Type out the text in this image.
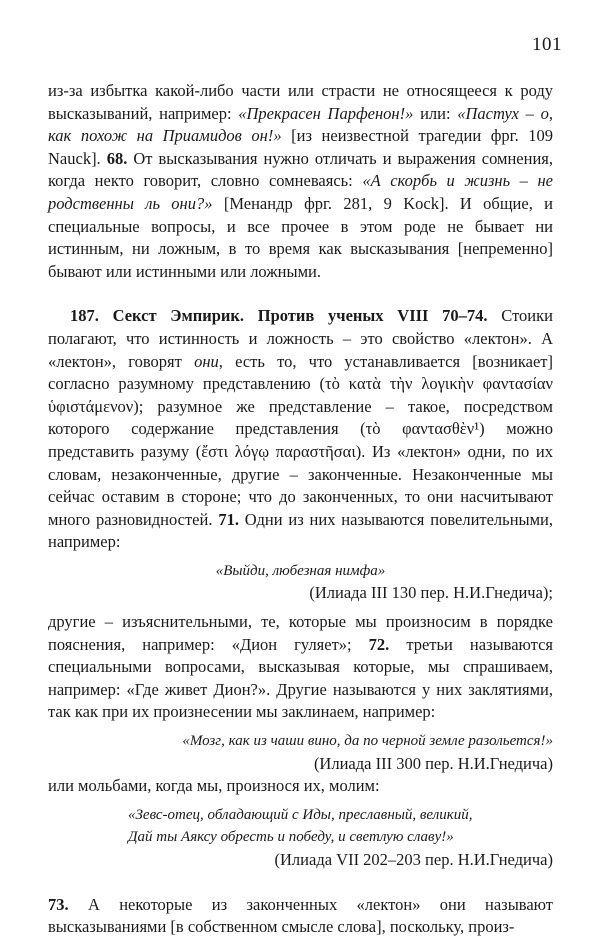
101

из-за избытка какой-либо части или страсти не относящееся к роду высказываний, например: «Прекрасен Парфенон!» или: «Пастух – о, как похож на Приамидов он!» [из неизвестной трагедии фрг. 109 Nauck]. 68. От высказывания нужно отличать и выражения сомнения, когда некто говорит, словно сомневаясь: «А скорбь и жизнь – не родственны ль они?» [Менандр фрг. 281, 9 Kock]. И общие, и специальные вопросы, и все прочее в этом роде не бывает ни истинным, ни ложным, в то время как высказывания [непременно] бывают или истинными или ложными.

187. Секст Эмпирик. Против ученых VIII 70–74. Стоики полагают, что истинность и ложность – это свойство «лектон». А «лектон», говорят они, есть то, что устанавливается [возникает] согласно разумному представлению (τὸ κατὰ τὴν λογικὴν φαντασίαν ὑφιστάμενον); разумное же представление – такое, посредством которого содержание представления (τὸ φαντασθὲν¹) можно представить разуму (ἔστι λόγῳ παραστῆσαι). Из «лектон» одни, по их словам, незаконченные, другие – законченные. Незаконченные мы сейчас оставим в стороне; что до законченных, то они насчитывают много разновидностей. 71. Одни из них называются повелительными, например:

«Выйди, любезная нимфа»

(Илиада III 130 пер. Н.И.Гнедича);

другие – изъяснительными, те, которые мы произносим в порядке пояснения, например: «Дион гуляет»; 72. третьи называются специальными вопросами, высказывая которые, мы спрашиваем, например: «Где живет Дион?». Другие называются у них заклятиями, так как при их произнесении мы заклинаем, например:

«Мозг, как из чаши вино, да по черной земле разольется!»

(Илиада III 300 пер. Н.И.Гнедича)

или мольбами, когда мы, произнося их, молим:

«Зевс-отец, обладающий с Иды, преславный, великий,

Дай ты Аяксу обресть и победу, и светлую славу!»

(Илиада VII 202–203 пер. Н.И.Гнедича)

73. А некоторые из законченных «лектон» они называют высказываниями [в собственном смысле слова], поскольку, произ-
